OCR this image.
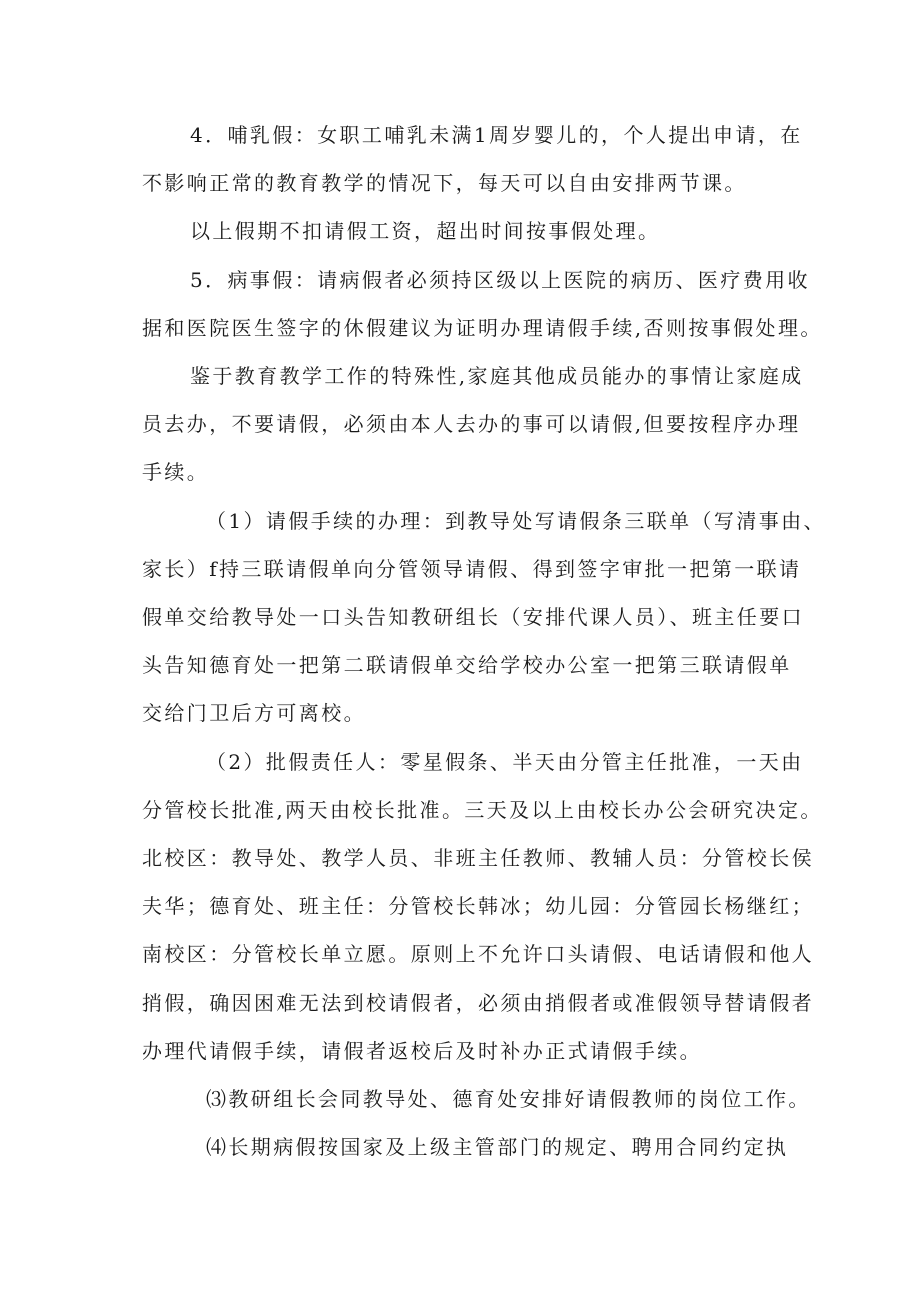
4．哺乳假：女职工哺乳未满1周岁婴儿的，个人提出申请，在
不影响正常的教育教学的情况下，每天可以自由安排两节课。
以上假期不扣请假工资，超出时间按事假处理。
5．病事假：请病假者必须持区级以上医院的病历、医疗费用收
据和医院医生签字的休假建议为证明办理请假手续,否则按事假处理。
鉴于教育教学工作的特殊性,家庭其他成员能办的事情让家庭成
员去办，不要请假，必须由本人去办的事可以请假,但要按程序办理
手续。
（1）请假手续的办理：到教导处写请假条三联单（写清事由、
家长）f持三联请假单向分管领导请假、得到签字审批一把第一联请
假单交给教导处一口头告知教研组长（安排代课人员）、班主任要口
头告知德育处一把第二联请假单交给学校办公室一把第三联请假单
交给门卫后方可离校。
（2）批假责任人：零星假条、半天由分管主任批准，一天由
分管校长批准,两天由校长批准。三天及以上由校长办公会研究决定。
北校区：教导处、教学人员、非班主任教师、教辅人员：分管校长侯
夫华；德育处、班主任：分管校长韩冰；幼儿园：分管园长杨继红；
南校区：分管校长单立愿。原则上不允许口头请假、电话请假和他人
捎假，确因困难无法到校请假者，必须由捎假者或准假领导替请假者
办理代请假手续，请假者返校后及时补办正式请假手续。
⑶教研组长会同教导处、德育处安排好请假教师的岗位工作。
⑷长期病假按国家及上级主管部门的规定、聘用合同约定执
